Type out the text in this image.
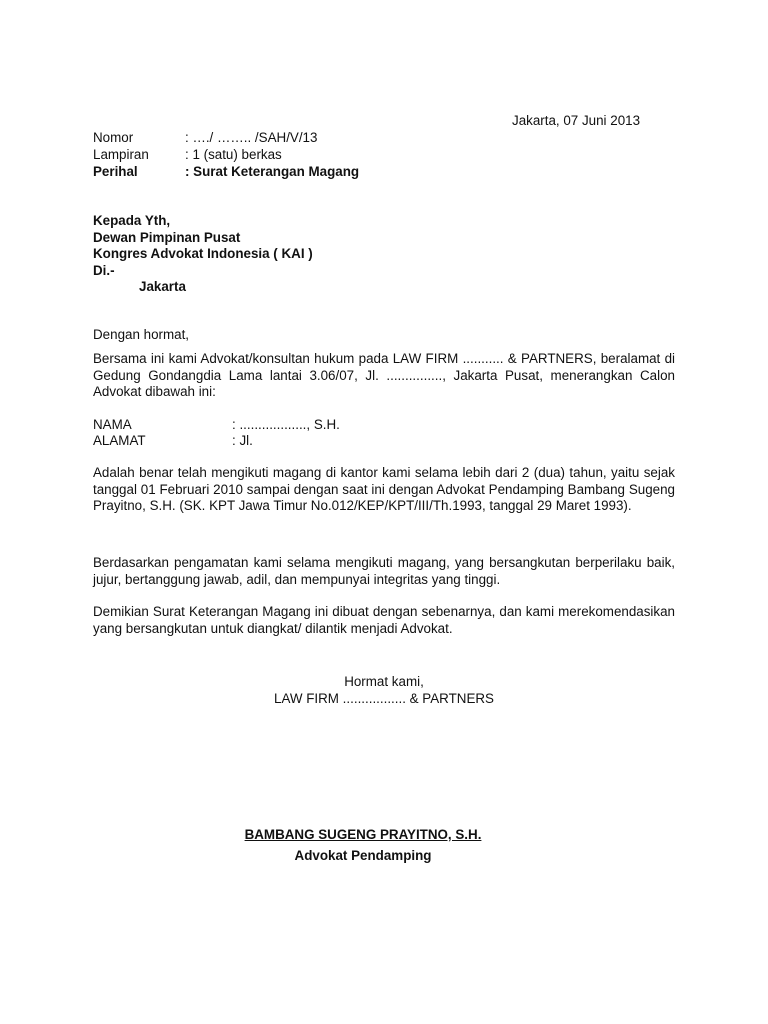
Jakarta, 07 Juni 2013
Nomor	: …./ …….. /SAH/V/13
Lampiran	: 1 (satu) berkas
Perihal	: Surat Keterangan Magang
Kepada Yth,
Dewan Pimpinan Pusat
Kongres Advokat Indonesia ( KAI )
Di.-
Jakarta
Dengan hormat,

Bersama ini kami Advokat/konsultan hukum pada LAW FIRM ........... & PARTNERS, beralamat di Gedung Gondangdia Lama lantai 3.06/07, Jl. ..............., Jakarta Pusat, menerangkan Calon Advokat dibawah ini:

NAMA	: .................., S.H.
ALAMAT	: Jl.

Adalah benar telah mengikuti magang di kantor kami selama lebih dari 2 (dua) tahun, yaitu sejak tanggal 01 Februari 2010 sampai dengan saat ini dengan Advokat Pendamping Bambang Sugeng Prayitno, S.H. (SK. KPT Jawa Timur No.012/KEP/KPT/III/Th.1993, tanggal 29 Maret 1993).

Berdasarkan pengamatan kami selama mengikuti magang, yang bersangkutan berperilaku baik, jujur, bertanggung jawab, adil, dan mempunyai integritas yang tinggi.

Demikian Surat Keterangan Magang ini dibuat dengan sebenarnya, dan kami merekomendasikan yang bersangkutan untuk diangkat/ dilantik menjadi Advokat.

Hormat kami,
LAW FIRM ................. & PARTNERS
BAMBANG SUGENG PRAYITNO, S.H.
Advokat Pendamping
